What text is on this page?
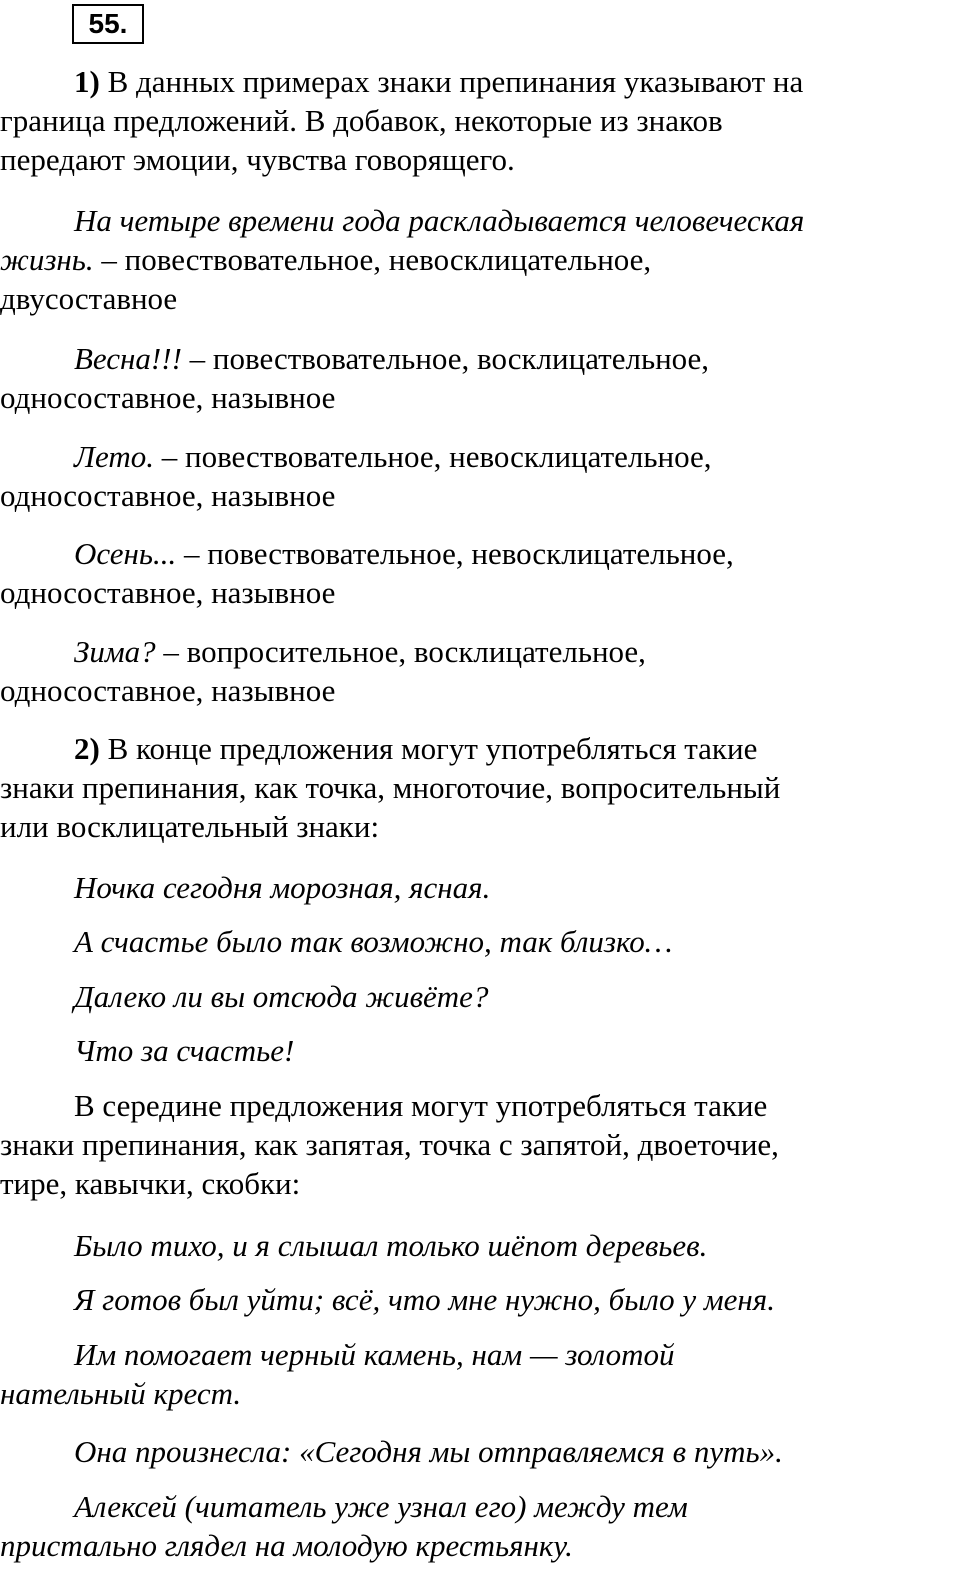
55.
1) В данных примерах знаки препинания указывают на
граница предложений. В добавок, некоторые из знаков
передают эмоции, чувства говорящего.
На четыре времени года раскладывается человеческая
жизнь. – повествовательное, невосклицательное,
двусоставное
Весна!!! – повествовательное, восклицательное,
односоставное, назывное
Лето. – повествовательное, невосклицательное,
односоставное, назывное
Осень... – повествовательное, невосклицательное,
односоставное, назывное
Зима? – вопросительное, восклицательное,
односоставное, назывное
2) В конце предложения могут употребляться такие
знаки препинания, как точка, многоточие, вопросительный
или восклицательный знаки:
Ночка сегодня морозная, ясная.
А счастье было так возможно, так близко…
Далеко ли вы отсюда живёте?
Что за счастье!
В середине предложения могут употребляться такие
знаки препинания, как запятая, точка с запятой, двоеточие,
тире, кавычки, скобки:
Было тихо, и я слышал только шёпот деревьев.
Я готов был уйти; всё, что мне нужно, было у меня.
Им помогает черный камень, нам — золотой
нательный крест.
Она произнесла: «Сегодня мы отправляемся в путь».
Алексей (читатель уже узнал его) между тем
пристально глядел на молодую крестьянку.
